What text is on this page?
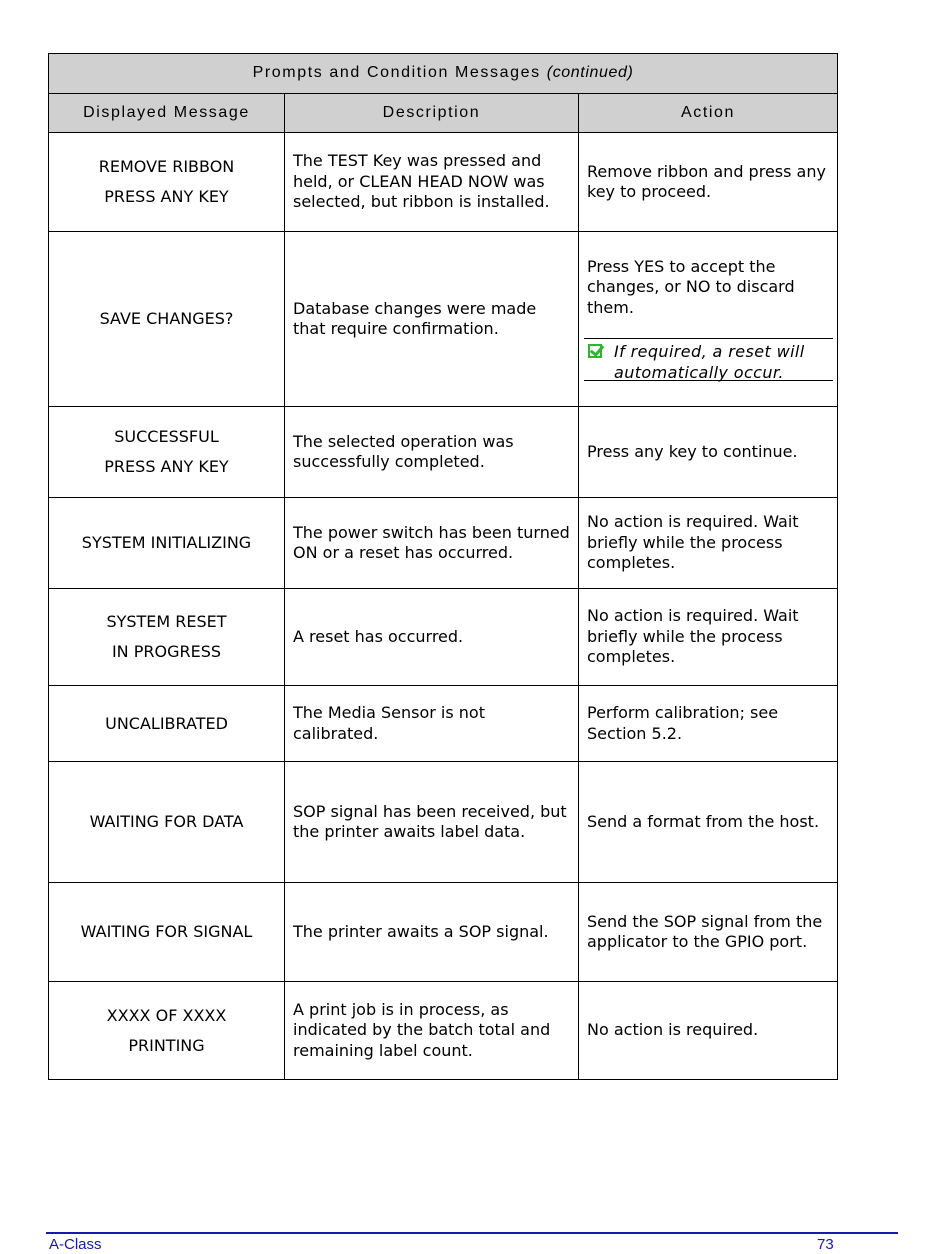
Prompts and Condition Messages (continued)		
Displayed Message	Description	Action

REMOVE RIBBON
PRESS ANY KEY	The TEST Key was pressed and held, or CLEAN HEAD NOW was selected, but ribbon is installed.	Remove ribbon and press any key to proceed.

SAVE CHANGES?	Database changes were made that require confirmation.	Press YES to accept the changes, or NO to discard them.
If required, a reset will automatically occur.

SUCCESSFUL
PRESS ANY KEY	The selected operation was successfully completed.	Press any key to continue.

SYSTEM INITIALIZING	The power switch has been turned ON or a reset has occurred.	No action is required. Wait briefly while the process completes.

SYSTEM RESET
IN PROGRESS	A reset has occurred.	No action is required. Wait briefly while the process completes.

UNCALIBRATED	The Media Sensor is not calibrated.	Perform calibration; see Section 5.2.

WAITING FOR DATA	SOP signal has been received, but the printer awaits label data.	Send a format from the host.

WAITING FOR SIGNAL	The printer awaits a SOP signal.	Send the SOP signal from the applicator to the GPIO port.

XXXX OF XXXX
PRINTING	A print job is in process, as indicated by the batch total and remaining label count.	No action is required.
A-Class	73
